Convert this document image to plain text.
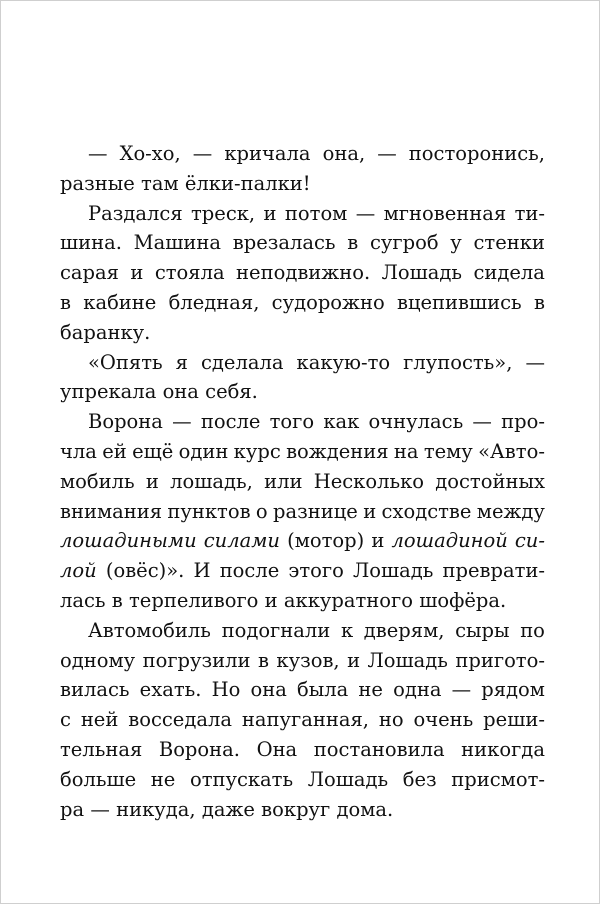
— Хо-хо, — кричала она, — посторонись,
разные там ёлки-палки!
Раздался треск, и потом — мгновенная ти-
шина. Машина врезалась в сугроб у стенки
сарая и стояла неподвижно. Лошадь сидела
в кабине бледная, судорожно вцепившись в
баранку.
«Опять я сделала какую-то глупость», —
упрекала она себя.
Ворона — после того как очнулась — про-
чла ей ещё один курс вождения на тему «Авто-
мобиль и лошадь, или Несколько достойных
внимания пунктов о разнице и сходстве между
лошадиными силами (мотор) и лошадиной си-
лой (овёс)». И после этого Лошадь преврати-
лась в терпеливого и аккуратного шофёра.
Автомобиль подогнали к дверям, сыры по
одному погрузили в кузов, и Лошадь пригото-
вилась ехать. Но она была не одна — рядом
с ней восседала напуганная, но очень реши-
тельная Ворона. Она постановила никогда
больше не отпускать Лошадь без присмот-
ра — никуда, даже вокруг дома.
